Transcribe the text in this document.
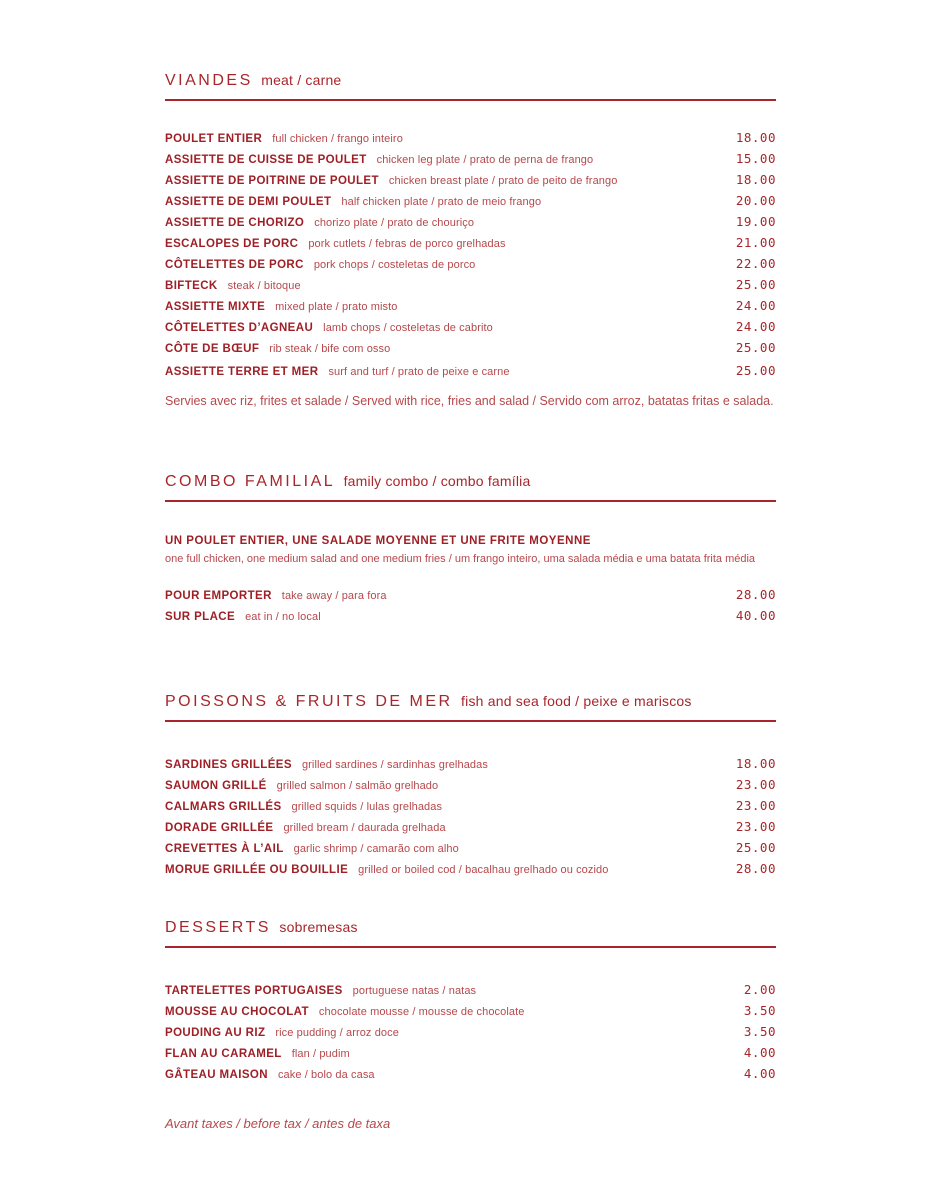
VIANDES meat / carne
POULET ENTIER full chicken / frango inteiro	18.00
ASSIETTE DE CUISSE DE POULET chicken leg plate / prato de perna de frango	15.00
ASSIETTE DE POITRINE DE POULET chicken breast plate / prato de peito de frango	18.00
ASSIETTE DE DEMI POULET half chicken plate / prato de meio frango	20.00
ASSIETTE DE CHORIZO chorizo plate / prato de chouriço	19.00
ESCALOPES DE PORC pork cutlets / febras de porco grelhadas	21.00
CÔTELETTES DE PORC pork chops / costeletas de porco	22.00
BIFTECK steak / bitoque	25.00
ASSIETTE MIXTE mixed plate / prato misto	24.00
CÔTELETTES D’AGNEAU lamb chops / costeletas de cabrito	24.00
CÔTE DE BŒUF rib steak / bife com osso	25.00
ASSIETTE TERRE ET MER surf and turf / prato de peixe e carne	25.00
Servies avec riz, frites et salade / Served with rice, fries and salad / Servido com arroz, batatas fritas e salada.
COMBO FAMILIAL family combo / combo família
UN POULET ENTIER, UNE SALADE MOYENNE ET UNE FRITE MOYENNE
one full chicken, one medium salad and one medium fries / um frango inteiro, uma salada média e uma batata frita média
POUR EMPORTER take away / para fora	28.00
SUR PLACE eat in / no local	40.00
POISSONS & FRUITS DE MER fish and sea food / peixe e mariscos
SARDINES GRILLÉES grilled sardines / sardinhas grelhadas	18.00
SAUMON GRILLÉ grilled salmon / salmão grelhado	23.00
CALMARS GRILLÉS grilled squids / lulas grelhadas	23.00
DORADE GRILLÉE grilled bream / daurada grelhada	23.00
CREVETTES À L’AIL garlic shrimp / camarão com alho	25.00
MORUE GRILLÉE OU BOUILLIE grilled or boiled cod / bacalhau grelhado ou cozido	28.00
DESSERTS sobremesas
TARTELETTES PORTUGAISES portuguese natas / natas	2.00
MOUSSE AU CHOCOLAT chocolate mousse / mousse de chocolate	3.50
POUDING AU RIZ rice pudding / arroz doce	3.50
FLAN AU CARAMEL flan / pudim	4.00
GÂTEAU MAISON cake / bolo da casa	4.00
Avant taxes / before tax / antes de taxa
